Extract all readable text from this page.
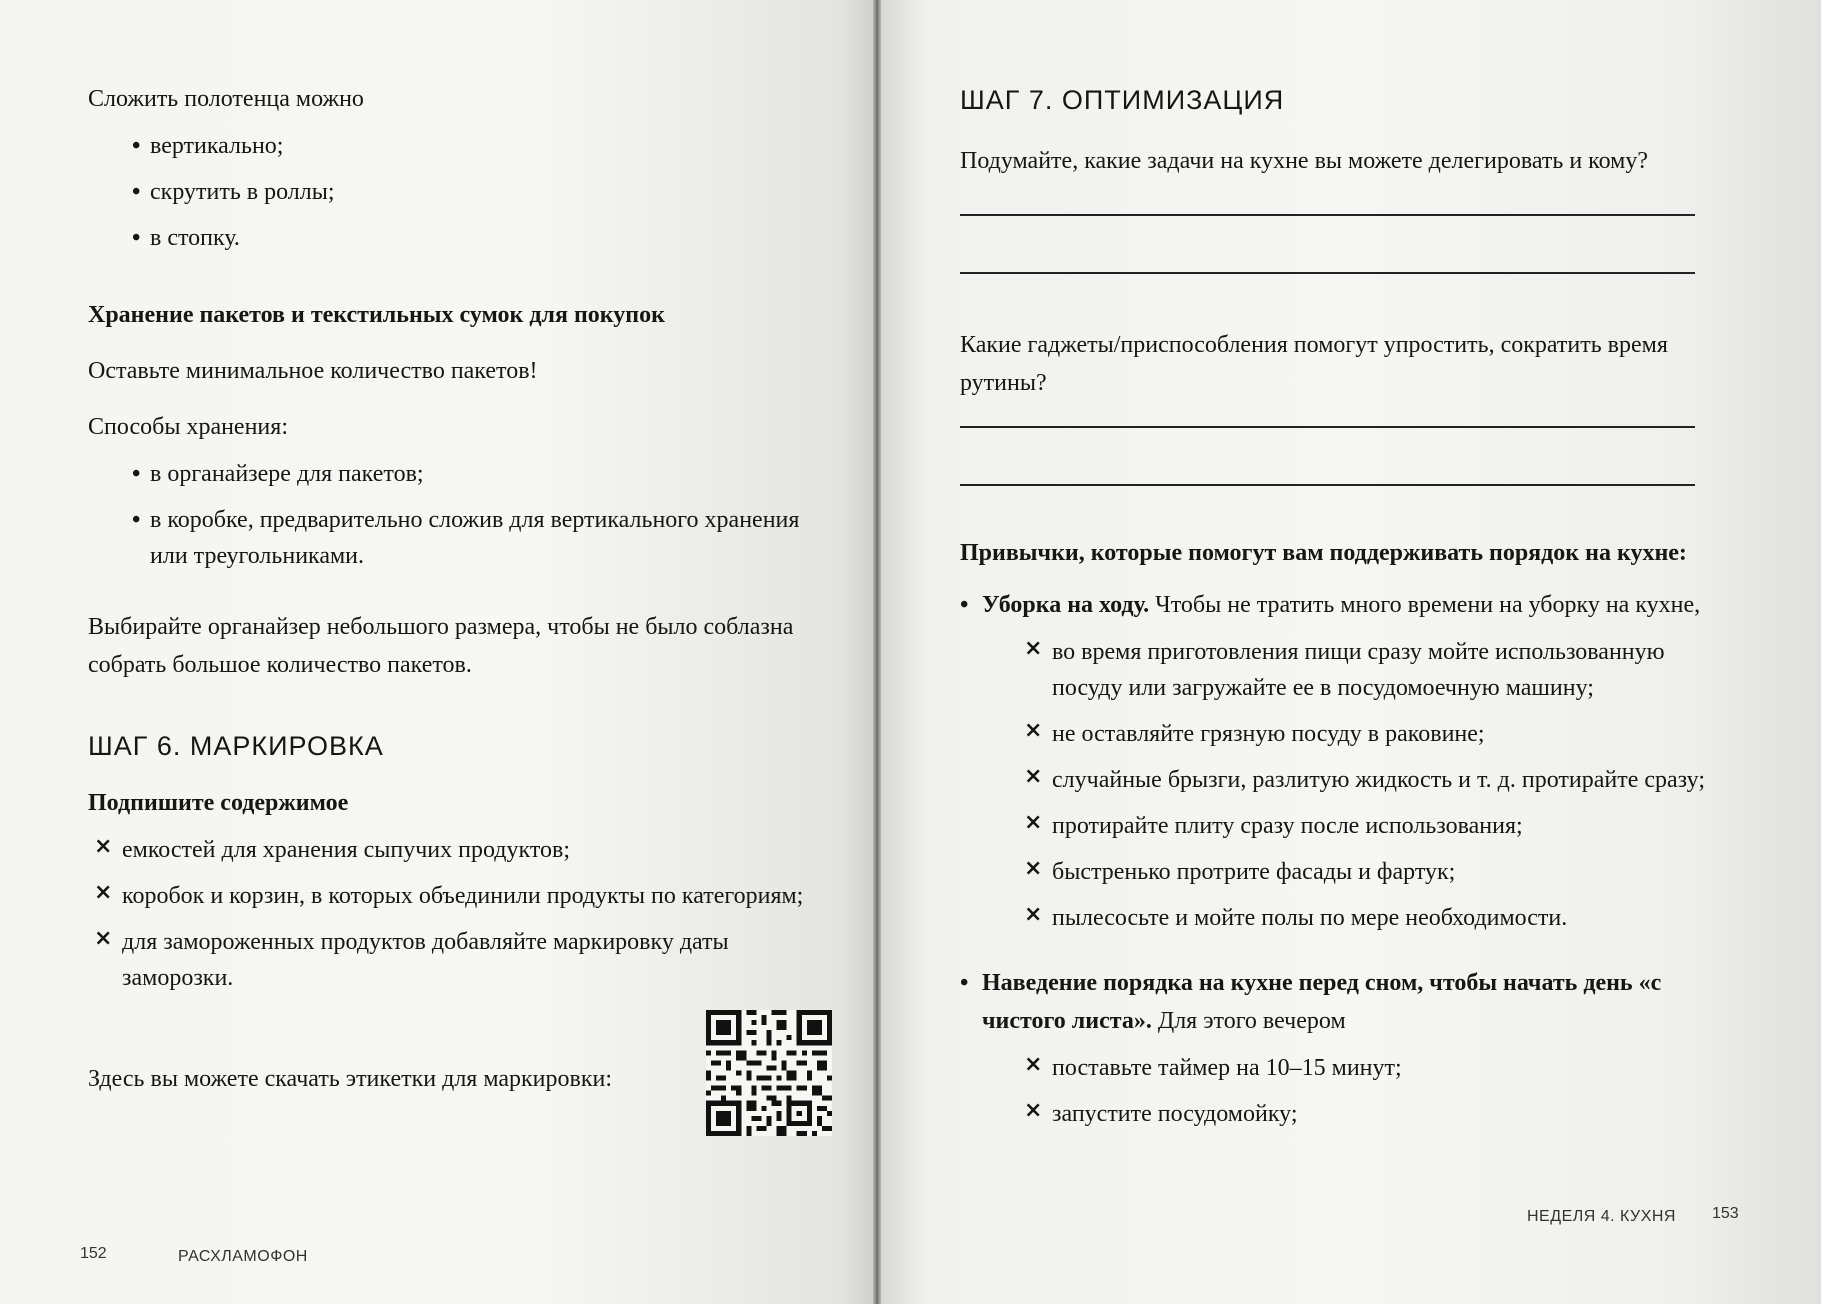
Сложить полотенца можно

• вертикально;
• скрутить в роллы;
• в стопку.

Хранение пакетов и текстильных сумок для покупок

Оставьте минимальное количество пакетов!

Способы хранения:

• в органайзере для пакетов;
• в коробке, предварительно сложив для вертикального хранения или треугольниками.

Выбирайте органайзер небольшого размера, чтобы не было соблазна собрать большое количество пакетов.

ШАГ 6. МАРКИРОВКА

Подпишите содержимое

× емкостей для хранения сыпучих продуктов;
× коробок и корзин, в которых объединили продукты по категориям;
× для замороженных продуктов добавляйте маркировку даты заморозки.

Здесь вы можете скачать этикетки для маркировки:

152	РАСХЛАМОФОН
ШАГ 7. ОПТИМИЗАЦИЯ

Подумайте, какие задачи на кухне вы можете делегировать и кому?

Какие гаджеты/приспособления помогут упростить, сократить время рутины?

Привычки, которые помогут вам поддерживать порядок на кухне:

• Уборка на ходу. Чтобы не тратить много времени на уборку на кухне,

× во время приготовления пищи сразу мойте использованную посуду или загружайте ее в посудомоечную машину;
× не оставляйте грязную посуду в раковине;
× случайные брызги, разлитую жидкость и т. д. протирайте сразу;
× протирайте плиту сразу после использования;
× быстренько протрите фасады и фартук;
× пылесосьте и мойте полы по мере необходимости.

• Наведение порядка на кухне перед сном, чтобы начать день «с чистого листа». Для этого вечером

× поставьте таймер на 10–15 минут;
× запустите посудомойку;
НЕДЕЛЯ 4. КУХНЯ 153
